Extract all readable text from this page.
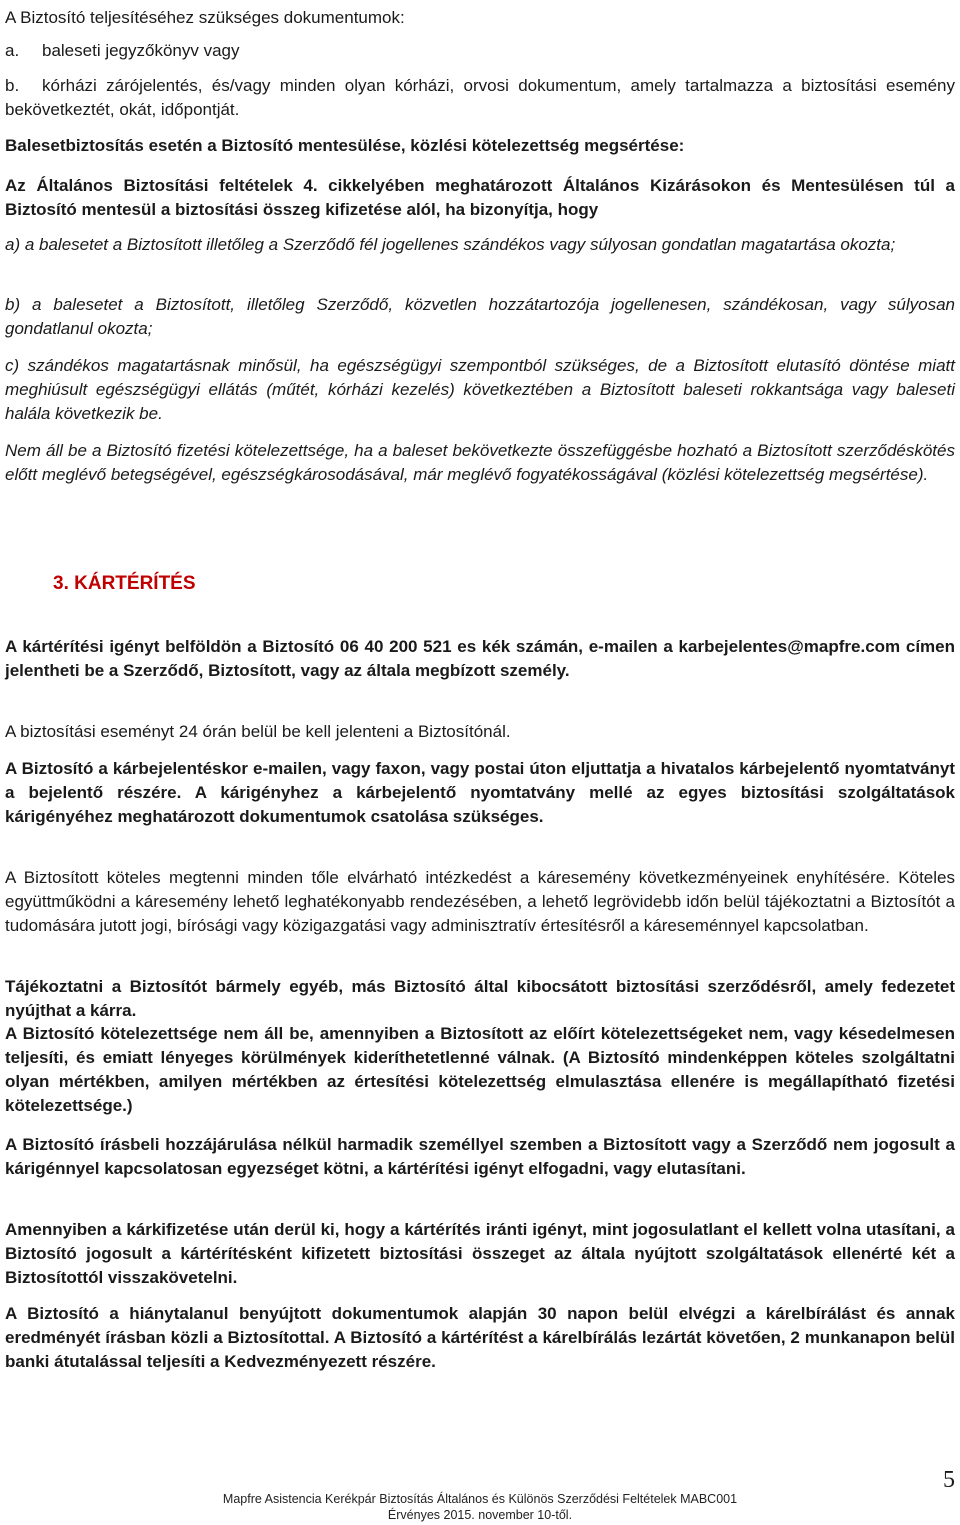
A Biztosító teljesítéséhez szükséges dokumentumok:

a.	baleseti jegyzőkönyv vagy
b.	kórházi zárójelentés, és/vagy minden olyan kórházi, orvosi dokumentum, amely tartalmazza a biztosítási esemény bekövetkeztét, okát, időpontját.

Balesetbiztosítás esetén a Biztosító mentesülése, közlési kötelezettség megsértése:

Az Általános Biztosítási feltételek 4. cikkelyében meghatározott Általános Kizárásokon és Mentesülésen túl a Biztosító mentesül a biztosítási összeg kifizetése alól, ha bizonyítja, hogy

a) a balesetet a Biztosított illetőleg a Szerződő fél jogellenes szándékos vagy súlyosan gondatlan magatartása okozta;

b) a balesetet a Biztosított, illetőleg Szerződő, közvetlen hozzátartozója jogellenesen, szándékosan, vagy súlyosan gondatlanul okozta;

c) szándékos magatartásnak minősül, ha egészségügyi szempontból szükséges, de a Biztosított elutasító döntése miatt meghiúsult egészségügyi ellátás (műtét, kórházi kezelés) következtében a Biztosított baleseti rokkantsága vagy baleseti halála következik be.

Nem áll be a Biztosító fizetési kötelezettsége, ha a baleset bekövetkezte összefüggésbe hozható a Biztosított szerződéskötés előtt meglévő betegségével, egészségkárosodásával, már meglévő fogyatékosságával (közlési kötelezettség megsértése).

A kártérítési igényt belföldön a Biztosító 06 40 200 521 es kék számán, e-mailen a karbejelentes@mapfre.com címen jelentheti be a Szerződő, Biztosított, vagy az általa megbízott személy.

A biztosítási eseményt 24 órán belül be kell jelenteni a Biztosítónál.

A Biztosító a kárbejelentéskor e-mailen, vagy faxon, vagy postai úton eljuttatja a hivatalos kárbejelentő nyomtatványt a bejelentő részére. A kárigényhez a kárbejelentő nyomtatvány mellé az egyes biztosítási szolgáltatások kárigényéhez meghatározott dokumentumok csatolása szükséges.

A Biztosított köteles megtenni minden tőle elvárható intézkedést a káresemény következményeinek enyhítésére. Köteles együttműködni a káresemény lehető leghatékonyabb rendezésében, a lehető legrövidebb időn belül tájékoztatni a Biztosítót a tudomására jutott jogi, bírósági vagy közigazgatási vagy adminisztratív értesítésről a káreseménnyel kapcsolatban.

Tájékoztatni a Biztosítót bármely egyéb, más Biztosító által kibocsátott biztosítási szerződésről, amely fedezetet nyújthat a kárra.

A Biztosító kötelezettsége nem áll be, amennyiben a Biztosított az előírt kötelezettségeket nem, vagy késedelmesen teljesíti, és emiatt lényeges körülmények kideríthetetlenné válnak. (A Biztosító mindenképpen köteles szolgáltatni olyan mértékben, amilyen mértékben az értesítési kötelezettség elmulasztása ellenére is megállapítható fizetési kötelezettsége.)

A Biztosító írásbeli hozzájárulása nélkül harmadik személlyel szemben a Biztosított vagy a Szerződő nem jogosult a kárigénnyel kapcsolatosan egyezséget kötni, a kártérítési igényt elfogadni, vagy elutasítani.

Amennyiben a kárkifizetése után derül ki, hogy a kártérítés iránti igényt, mint jogosulatlant el kellett volna utasítani, a Biztosító jogosult a kártérítésként kifizetett biztosítási összeget az általa nyújtott szolgáltatások ellenérté két a Biztosítottól visszakövetelni.

A Biztosító a hiánytalanul benyújtott dokumentumok alapján 30 napon belül elvégzi a kárelbírálást és annak eredményét írásban közli a Biztosítottal. A Biztosító a kártérítést a kárelbírálás lezártát követően, 2 munkanapon belül banki átutalással teljesíti a Kedvezményezett részére.

3. KÁRTÉRÍTÉS
5
Mapfre Asistencia Kerékpár Biztosítás Általános és Különös Szerződési Feltételek MABC001
Érvényes 2015. november 10-től.
